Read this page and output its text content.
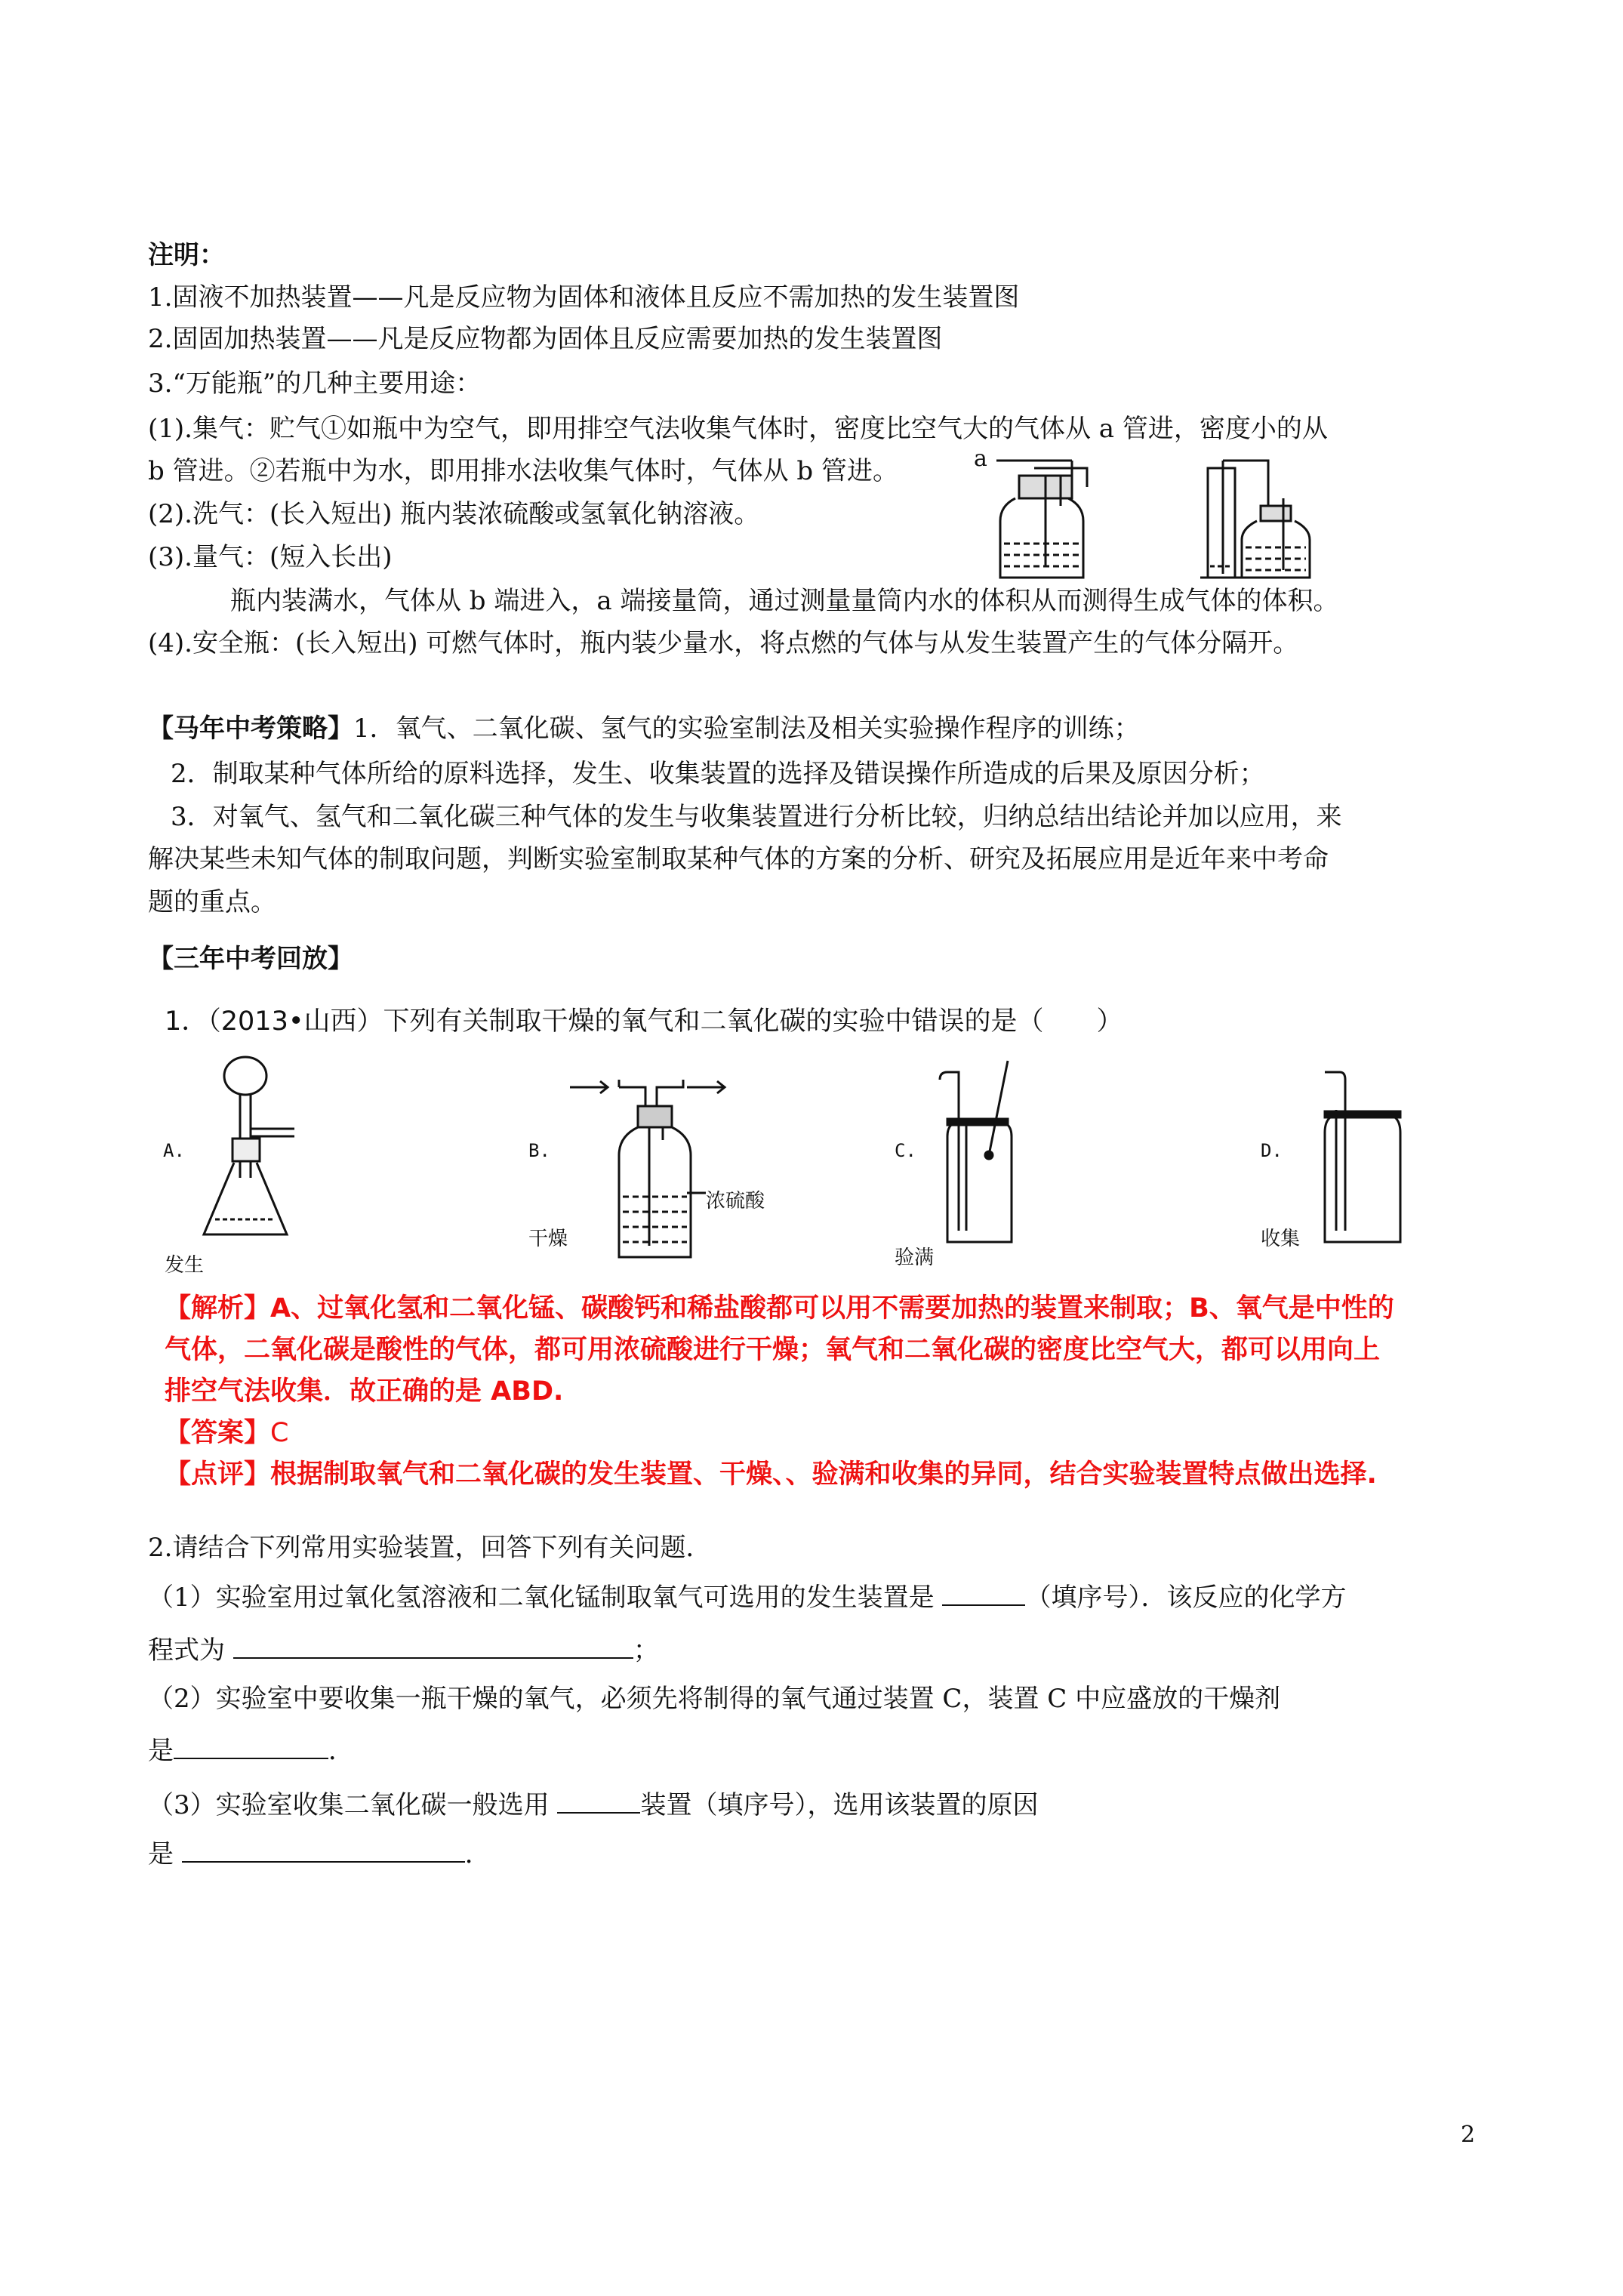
注明：
1.固液不加热装置——凡是反应物为固体和液体且反应不需加热的发生装置图
2.固固加热装置——凡是反应物都为固体且反应需要加热的发生装置图
3.“万能瓶”的几种主要用途：
(1).集气：贮气①如瓶中为空气，即用排空气法收集气体时，密度比空气大的气体从 a 管进，密度小的从
b 管进。②若瓶中为水，即用排水法收集气体时，气体从 b 管进。
(2).洗气：(长入短出) 瓶内装浓硫酸或氢氧化钠溶液。
(3).量气：(短入长出)
瓶内装满水，气体从 b 端进入，a 端接量筒，通过测量量筒内水的体积从而测得生成气体的体积。
(4).安全瓶：(长入短出) 可燃气体时，瓶内装少量水，将点燃的气体与从发生装置产生的气体分隔开。
a
【马年中考策略】1．氧气、二氧化碳、氢气的实验室制法及相关实验操作程序的训练；
2．制取某种气体所给的原料选择，发生、收集装置的选择及错误操作所造成的后果及原因分析；
3．对氧气、氢气和二氧化碳三种气体的发生与收集装置进行分析比较，归纳总结出结论并加以应用，来
解决某些未知气体的制取问题，判断实验室制取某种气体的方案的分析、研究及拓展应用是近年来中考命
题的重点。
【三年中考回放】
1．（2013•山西）下列有关制取干燥的氧气和二氧化碳的实验中错误的是（　　）
A.
发生
B.
干燥
浓硫酸
C.
验满
D.
收集
【解析】A、过氧化氢和二氧化锰、碳酸钙和稀盐酸都可以用不需要加热的装置来制取；B、氧气是中性的
气体，二氧化碳是酸性的气体，都可用浓硫酸进行干燥；氧气和二氧化碳的密度比空气大，都可以用向上
排空气法收集．故正确的是 ABD.
【答案】C
【点评】根据制取氧气和二氧化碳的发生装置、干燥、、验满和收集的异同，结合实验装置特点做出选择.
2.请结合下列常用实验装置，回答下列有关问题．
（1）实验室用过氧化氢溶液和二氧化锰制取氧气可选用的发生装置是	（填序号）．该反应的化学方
程式为	；
（2）实验室中要收集一瓶干燥的氧气，必须先将制得的氧气通过装置 C，装置 C 中应盛放的干燥剂
是	．
（3）实验室收集二氧化碳一般选用	装置（填序号），选用该装置的原因
是	．
2
